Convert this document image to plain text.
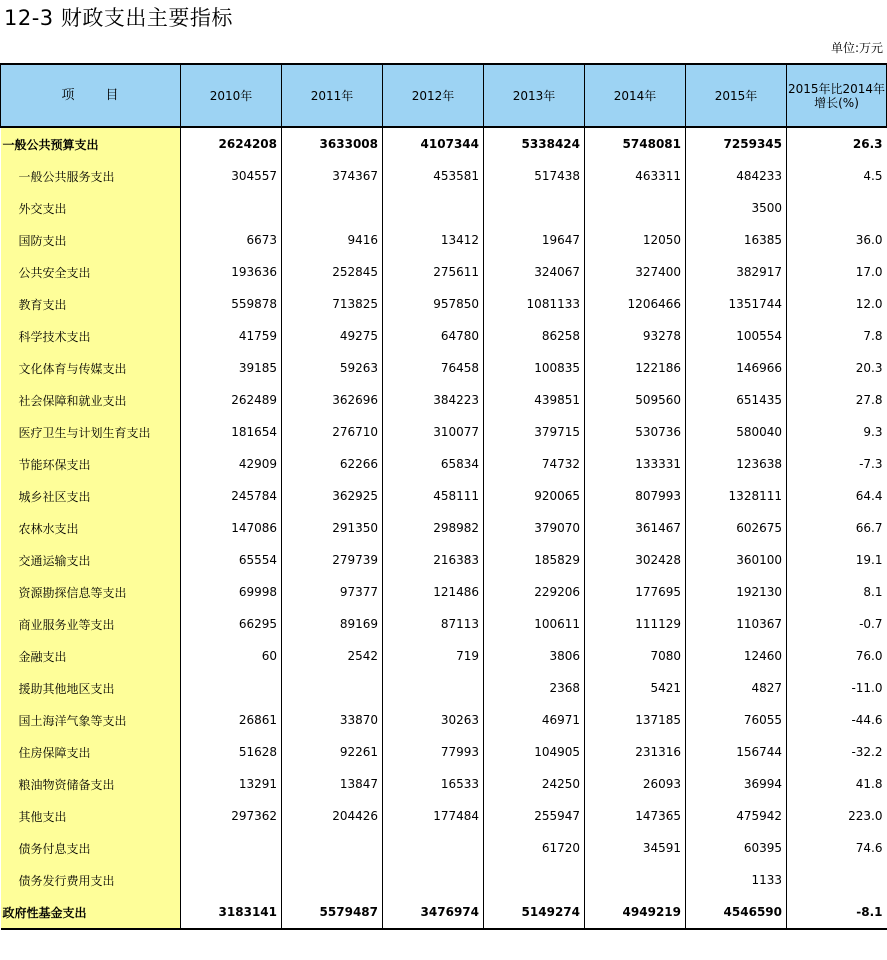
12-3 财政支出主要指标
单位:万元
项 目	2010年	2011年	2012年	2013年	2014年	2015年	2015年比2014年
增长(%)
一般公共预算支出	2624208	3633008	4107344	5338424	5748081	7259345	26.3
一般公共服务支出	304557	374367	453581	517438	463311	484233	4.5
外交支出						3500	
国防支出	6673	9416	13412	19647	12050	16385	36.0
公共安全支出	193636	252845	275611	324067	327400	382917	17.0
教育支出	559878	713825	957850	1081133	1206466	1351744	12.0
科学技术支出	41759	49275	64780	86258	93278	100554	7.8
文化体育与传媒支出	39185	59263	76458	100835	122186	146966	20.3
社会保障和就业支出	262489	362696	384223	439851	509560	651435	27.8
医疗卫生与计划生育支出	181654	276710	310077	379715	530736	580040	9.3
节能环保支出	42909	62266	65834	74732	133331	123638	-7.3
城乡社区支出	245784	362925	458111	920065	807993	1328111	64.4
农林水支出	147086	291350	298982	379070	361467	602675	66.7
交通运输支出	65554	279739	216383	185829	302428	360100	19.1
资源勘探信息等支出	69998	97377	121486	229206	177695	192130	8.1
商业服务业等支出	66295	89169	87113	100611	111129	110367	-0.7
金融支出	60	2542	719	3806	7080	12460	76.0
援助其他地区支出				2368	5421	4827	-11.0
国土海洋气象等支出	26861	33870	30263	46971	137185	76055	-44.6
住房保障支出	51628	92261	77993	104905	231316	156744	-32.2
粮油物资储备支出	13291	13847	16533	24250	26093	36994	41.8
其他支出	297362	204426	177484	255947	147365	475942	223.0
债务付息支出				61720	34591	60395	74.6
债务发行费用支出						1133	
政府性基金支出	3183141	5579487	3476974	5149274	4949219	4546590	-8.1
